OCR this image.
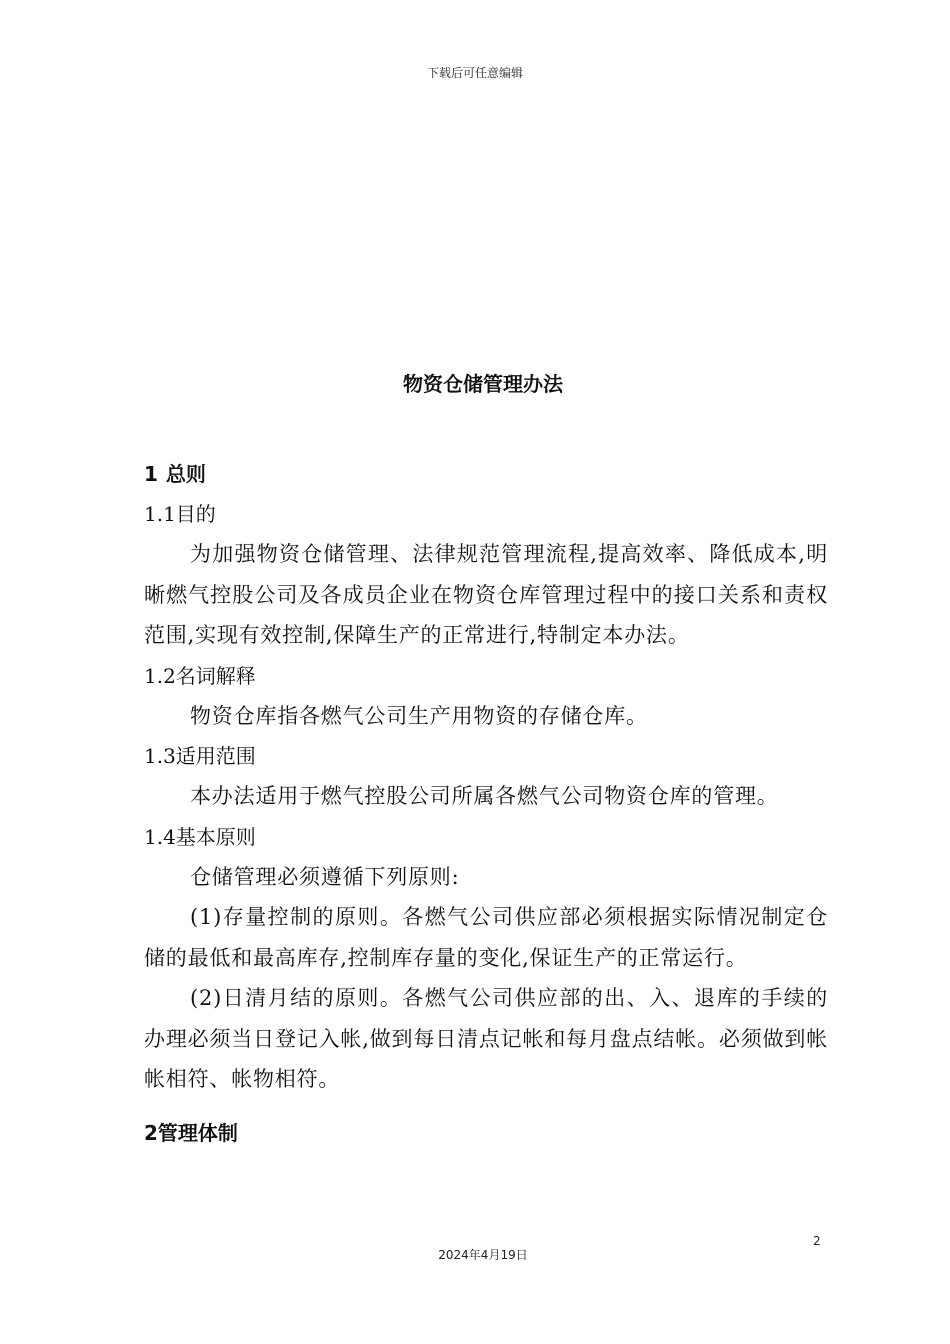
下载后可任意编辑
物资仓储管理办法
1 总则
1.1目的

为加强物资仓储管理、法律规范管理流程,提高效率、降低成本,明晰燃气控股公司及各成员企业在物资仓库管理过程中的接口关系和责权范围,实现有效控制,保障生产的正常进行,特制定本办法。

1.2名词解释

物资仓库指各燃气公司生产用物资的存储仓库。

1.3适用范围

本办法适用于燃气控股公司所属各燃气公司物资仓库的管理。

1.4基本原则

仓储管理必须遵循下列原则:

(1)存量控制的原则。各燃气公司供应部必须根据实际情况制定仓储的最低和最高库存,控制库存量的变化,保证生产的正常运行。

(2)日清月结的原则。各燃气公司供应部的出、入、退库的手续的办理必须当日登记入帐,做到每日清点记帐和每月盘点结帐。必须做到帐帐相符、帐物相符。

2管理体制
2
2024年4月19日
